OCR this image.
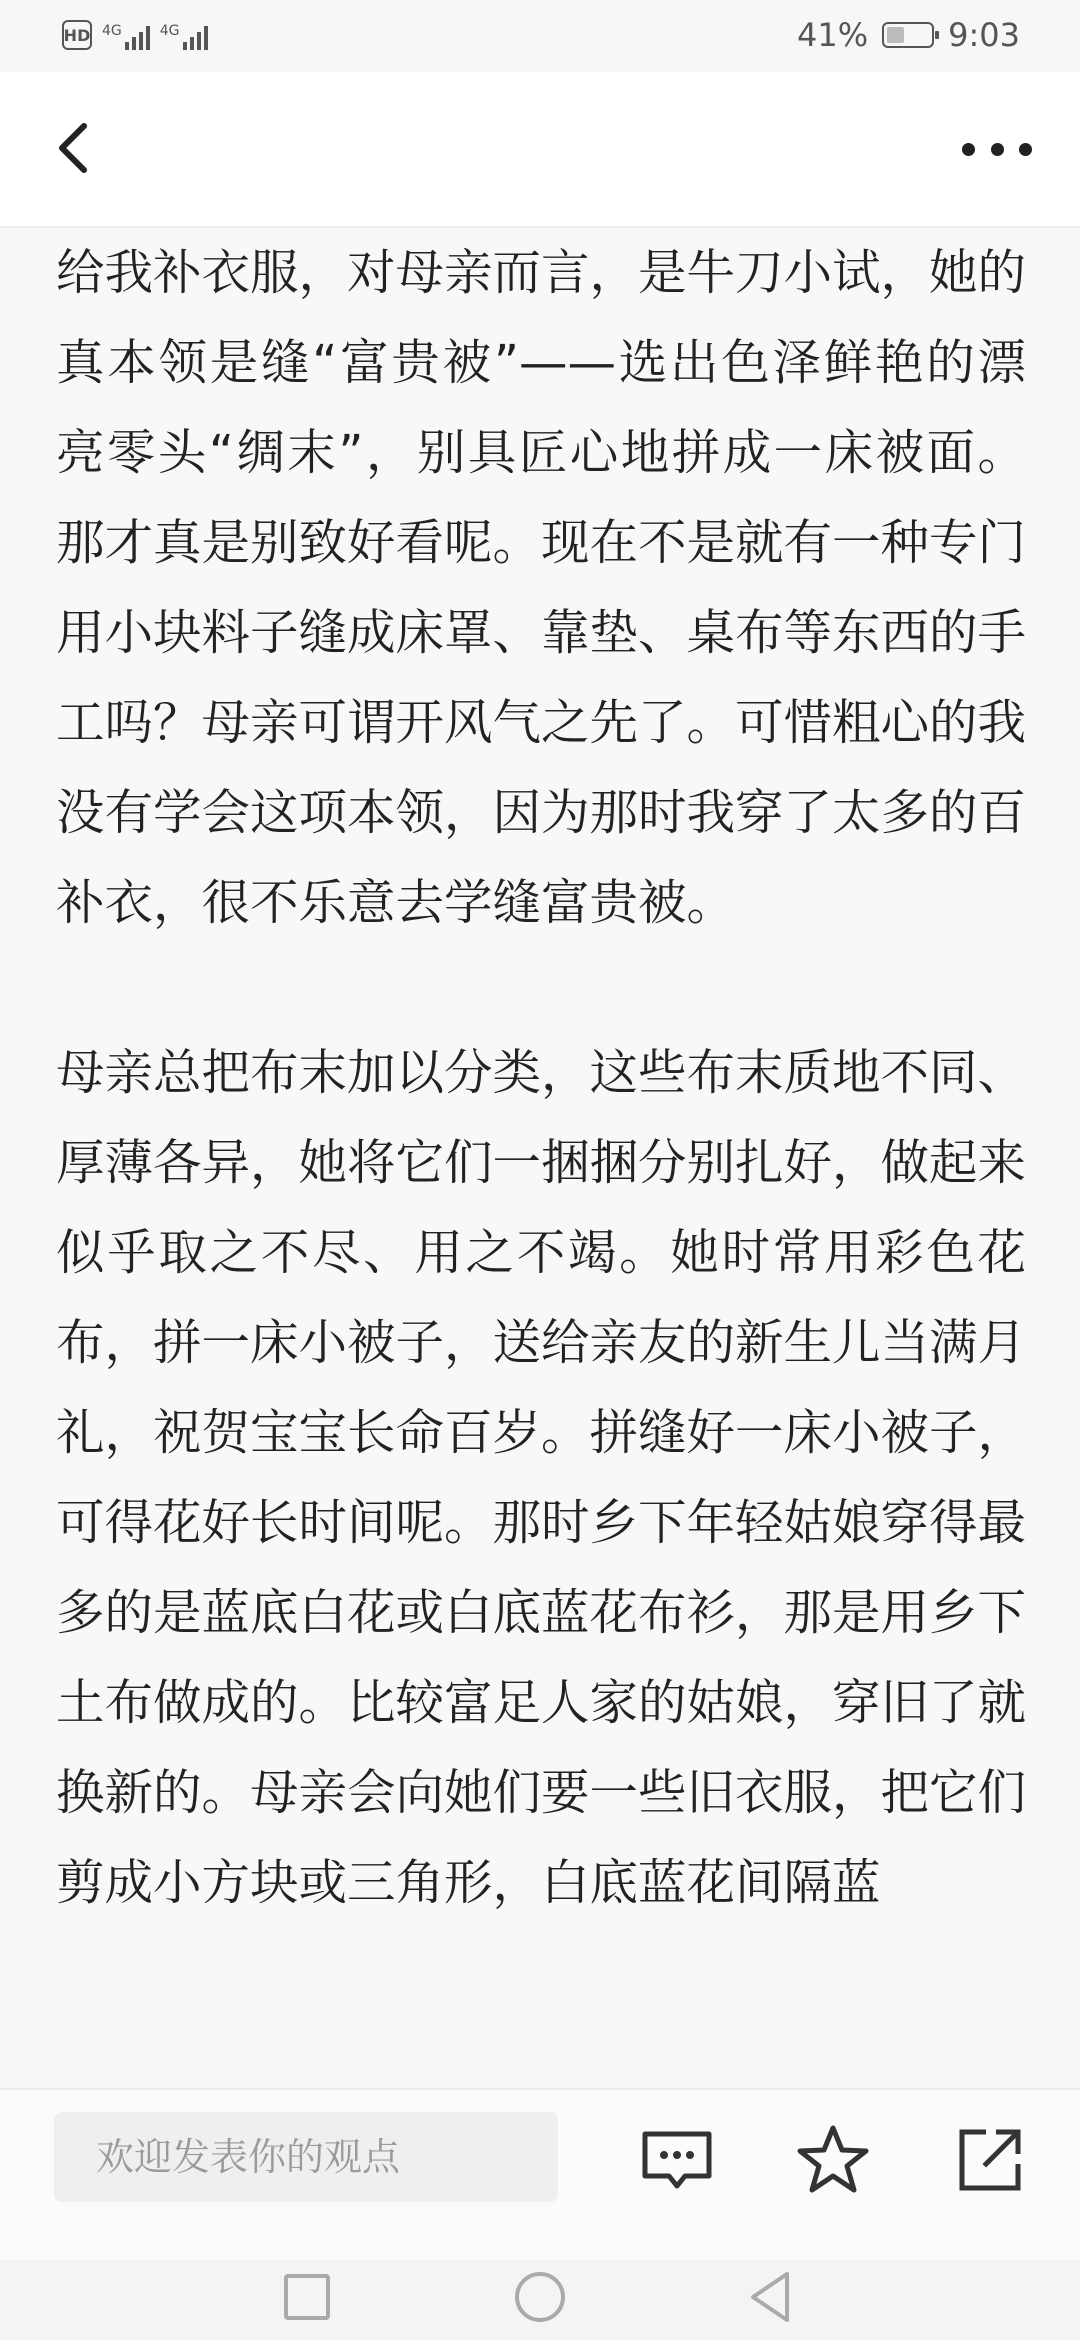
HD 4G	4G	41%	9:03

给我补衣服，对母亲而言，是牛刀小试，她的真本领是缝“富贵被”——选出色泽鲜艳的漂亮零头“绸末”，别具匠心地拼成一床被面。那才真是别致好看呢。现在不是就有一种专门用小块料子缝成床罩、靠垫、桌布等东西的手工吗？母亲可谓开风气之先了。可惜粗心的我没有学会这项本领，因为那时我穿了太多的百补衣，很不乐意去学缝富贵被。

母亲总把布末加以分类，这些布末质地不同、厚薄各异，她将它们一捆捆分别扎好，做起来似乎取之不尽、用之不竭。她时常用彩色花布，拼一床小被子，送给亲友的新生儿当满月礼，祝贺宝宝长命百岁。拼缝好一床小被子，可得花好长时间呢。那时乡下年轻姑娘穿得最多的是蓝底白花或白底蓝花布衫，那是用乡下土布做成的。比较富足人家的姑娘，穿旧了就换新的。母亲会向她们要一些旧衣服，把它们剪成小方块或三角形，白底蓝花间隔蓝

欢迎发表你的观点
